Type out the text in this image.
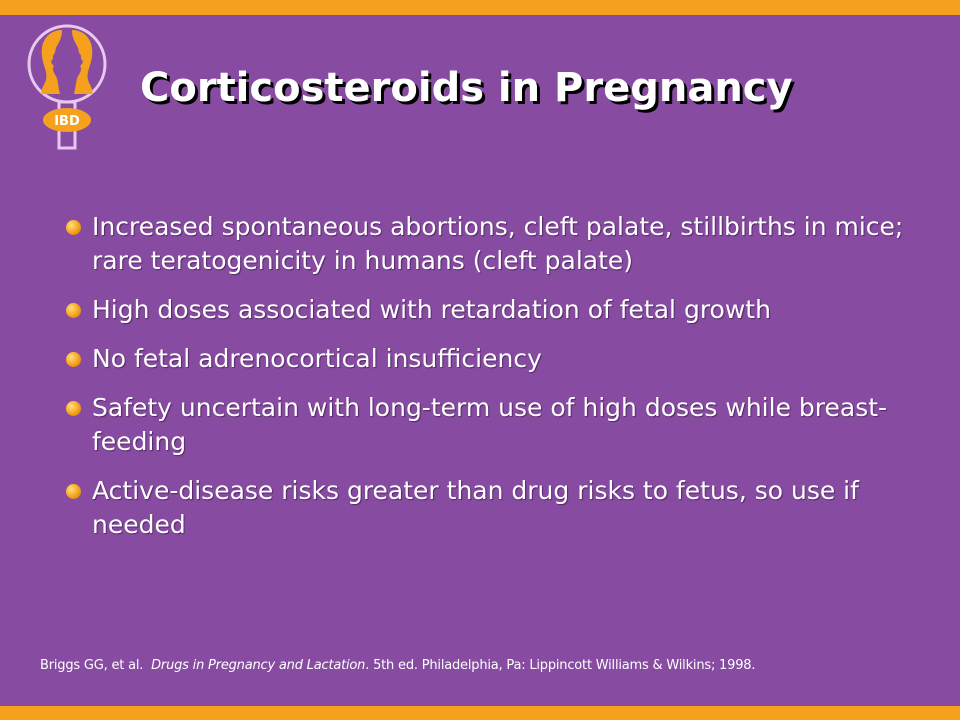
IBD
Corticosteroids in Pregnancy
Increased spontaneous abortions, cleft palate, stillbirths in mice; rare teratogenicity in humans (cleft palate)
High doses associated with retardation of fetal growth
No fetal adrenocortical insufficiency
Safety uncertain with long-term use of high doses while breast-feeding
Active-disease risks greater than drug risks to fetus, so use if needed

Briggs GG, et al. Drugs in Pregnancy and Lactation. 5th ed. Philadelphia, Pa: Lippincott Williams & Wilkins; 1998.
